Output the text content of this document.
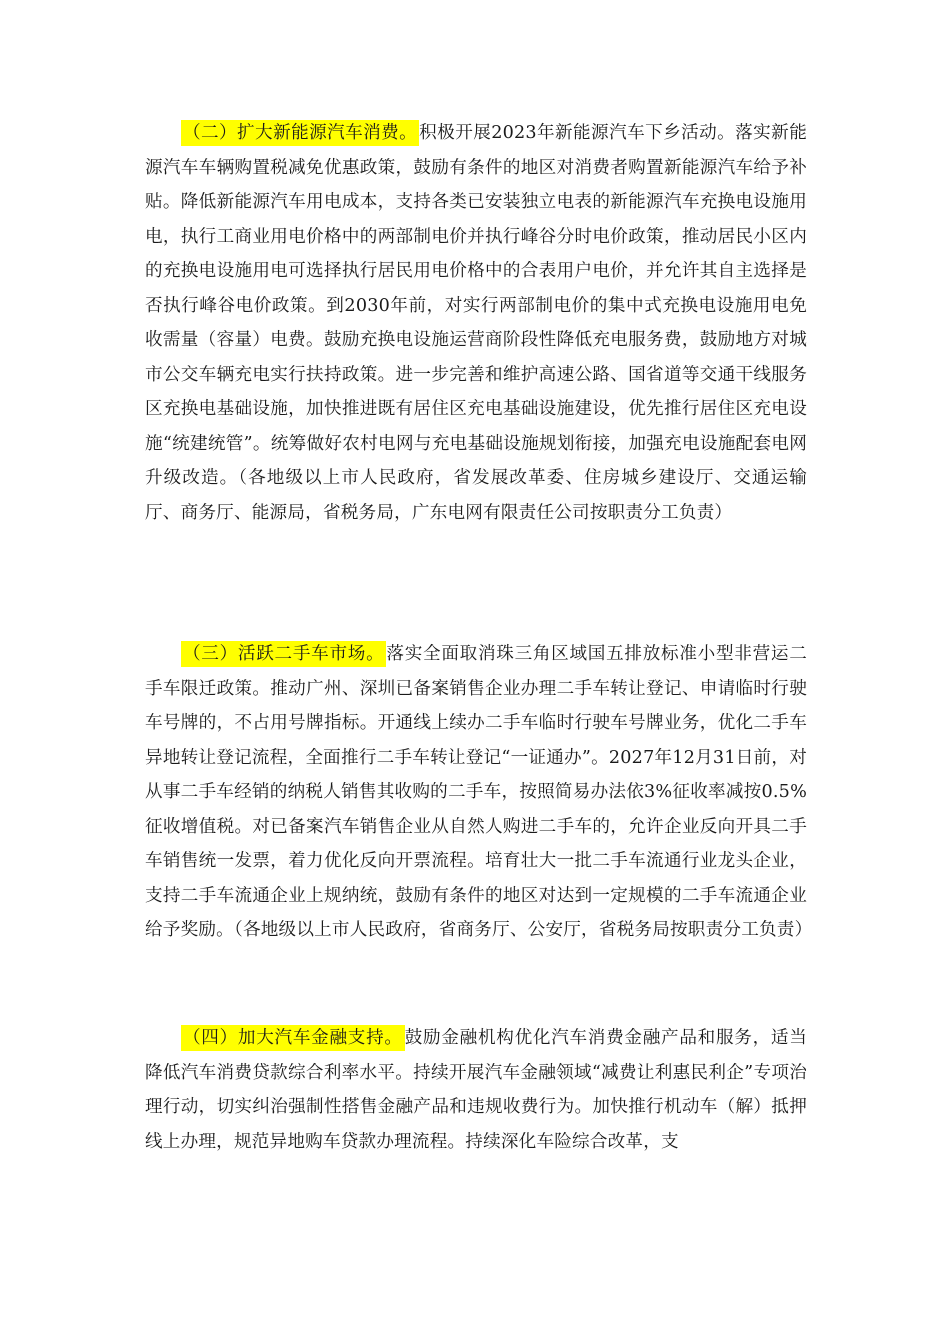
（二）扩大新能源汽车消费。 积极开展2023年新能源汽车下乡活动。落实新能源汽车车辆购置税减免优惠政策，鼓励有条件的地区对消费者购置新能源汽车给予补贴。降低新能源汽车用电成本，支持各类已安装独立电表的新能源汽车充换电设施用电，执行工商业用电价格中的两部制电价并执行峰谷分时电价政策，推动居民小区内的充换电设施用电可选择执行居民用电价格中的合表用户电价，并允许其自主选择是否执行峰谷电价政策。到2030年前，对实行两部制电价的集中式充换电设施用电免收需量（容量）电费。鼓励充换电设施运营商阶段性降低充电服务费，鼓励地方对城市公交车辆充电实行扶持政策。进一步完善和维护高速公路、国省道等交通干线服务区充换电基础设施，加快推进既有居住区充电基础设施建设，优先推行居住区充电设施“统建统管”。统筹做好农村电网与充电基础设施规划衔接，加强充电设施配套电网升级改造。（各地级以上市人民政府，省发展改革委、住房城乡建设厅、交通运输厅、商务厅、能源局，省税务局，广东电网有限责任公司按职责分工负责）

（三）活跃二手车市场。 落实全面取消珠三角区域国五排放标准小型非营运二手车限迁政策。推动广州、深圳已备案销售企业办理二手车转让登记、申请临时行驶车号牌的，不占用号牌指标。开通线上续办二手车临时行驶车号牌业务，优化二手车异地转让登记流程，全面推行二手车转让登记“一证通办”。2027年12月31日前，对从事二手车经销的纳税人销售其收购的二手车，按照简易办法依3%征收率减按0.5%征收增值税。对已备案汽车销售企业从自然人购进二手车的，允许企业反向开具二手车销售统一发票，着力优化反向开票流程。培育壮大一批二手车流通行业龙头企业，支持二手车流通企业上规纳统，鼓励有条件的地区对达到一定规模的二手车流通企业给予奖励。（各地级以上市人民政府，省商务厅、公安厅，省税务局按职责分工负责）

（四）加大汽车金融支持。 鼓励金融机构优化汽车消费金融产品和服务，适当降低汽车消费贷款综合利率水平。持续开展汽车金融领域“减费让利惠民利企”专项治理行动，切实纠治强制性搭售金融产品和违规收费行为。加快推行机动车（解）抵押线上办理，规范异地购车贷款办理流程。持续深化车险综合改革，支
